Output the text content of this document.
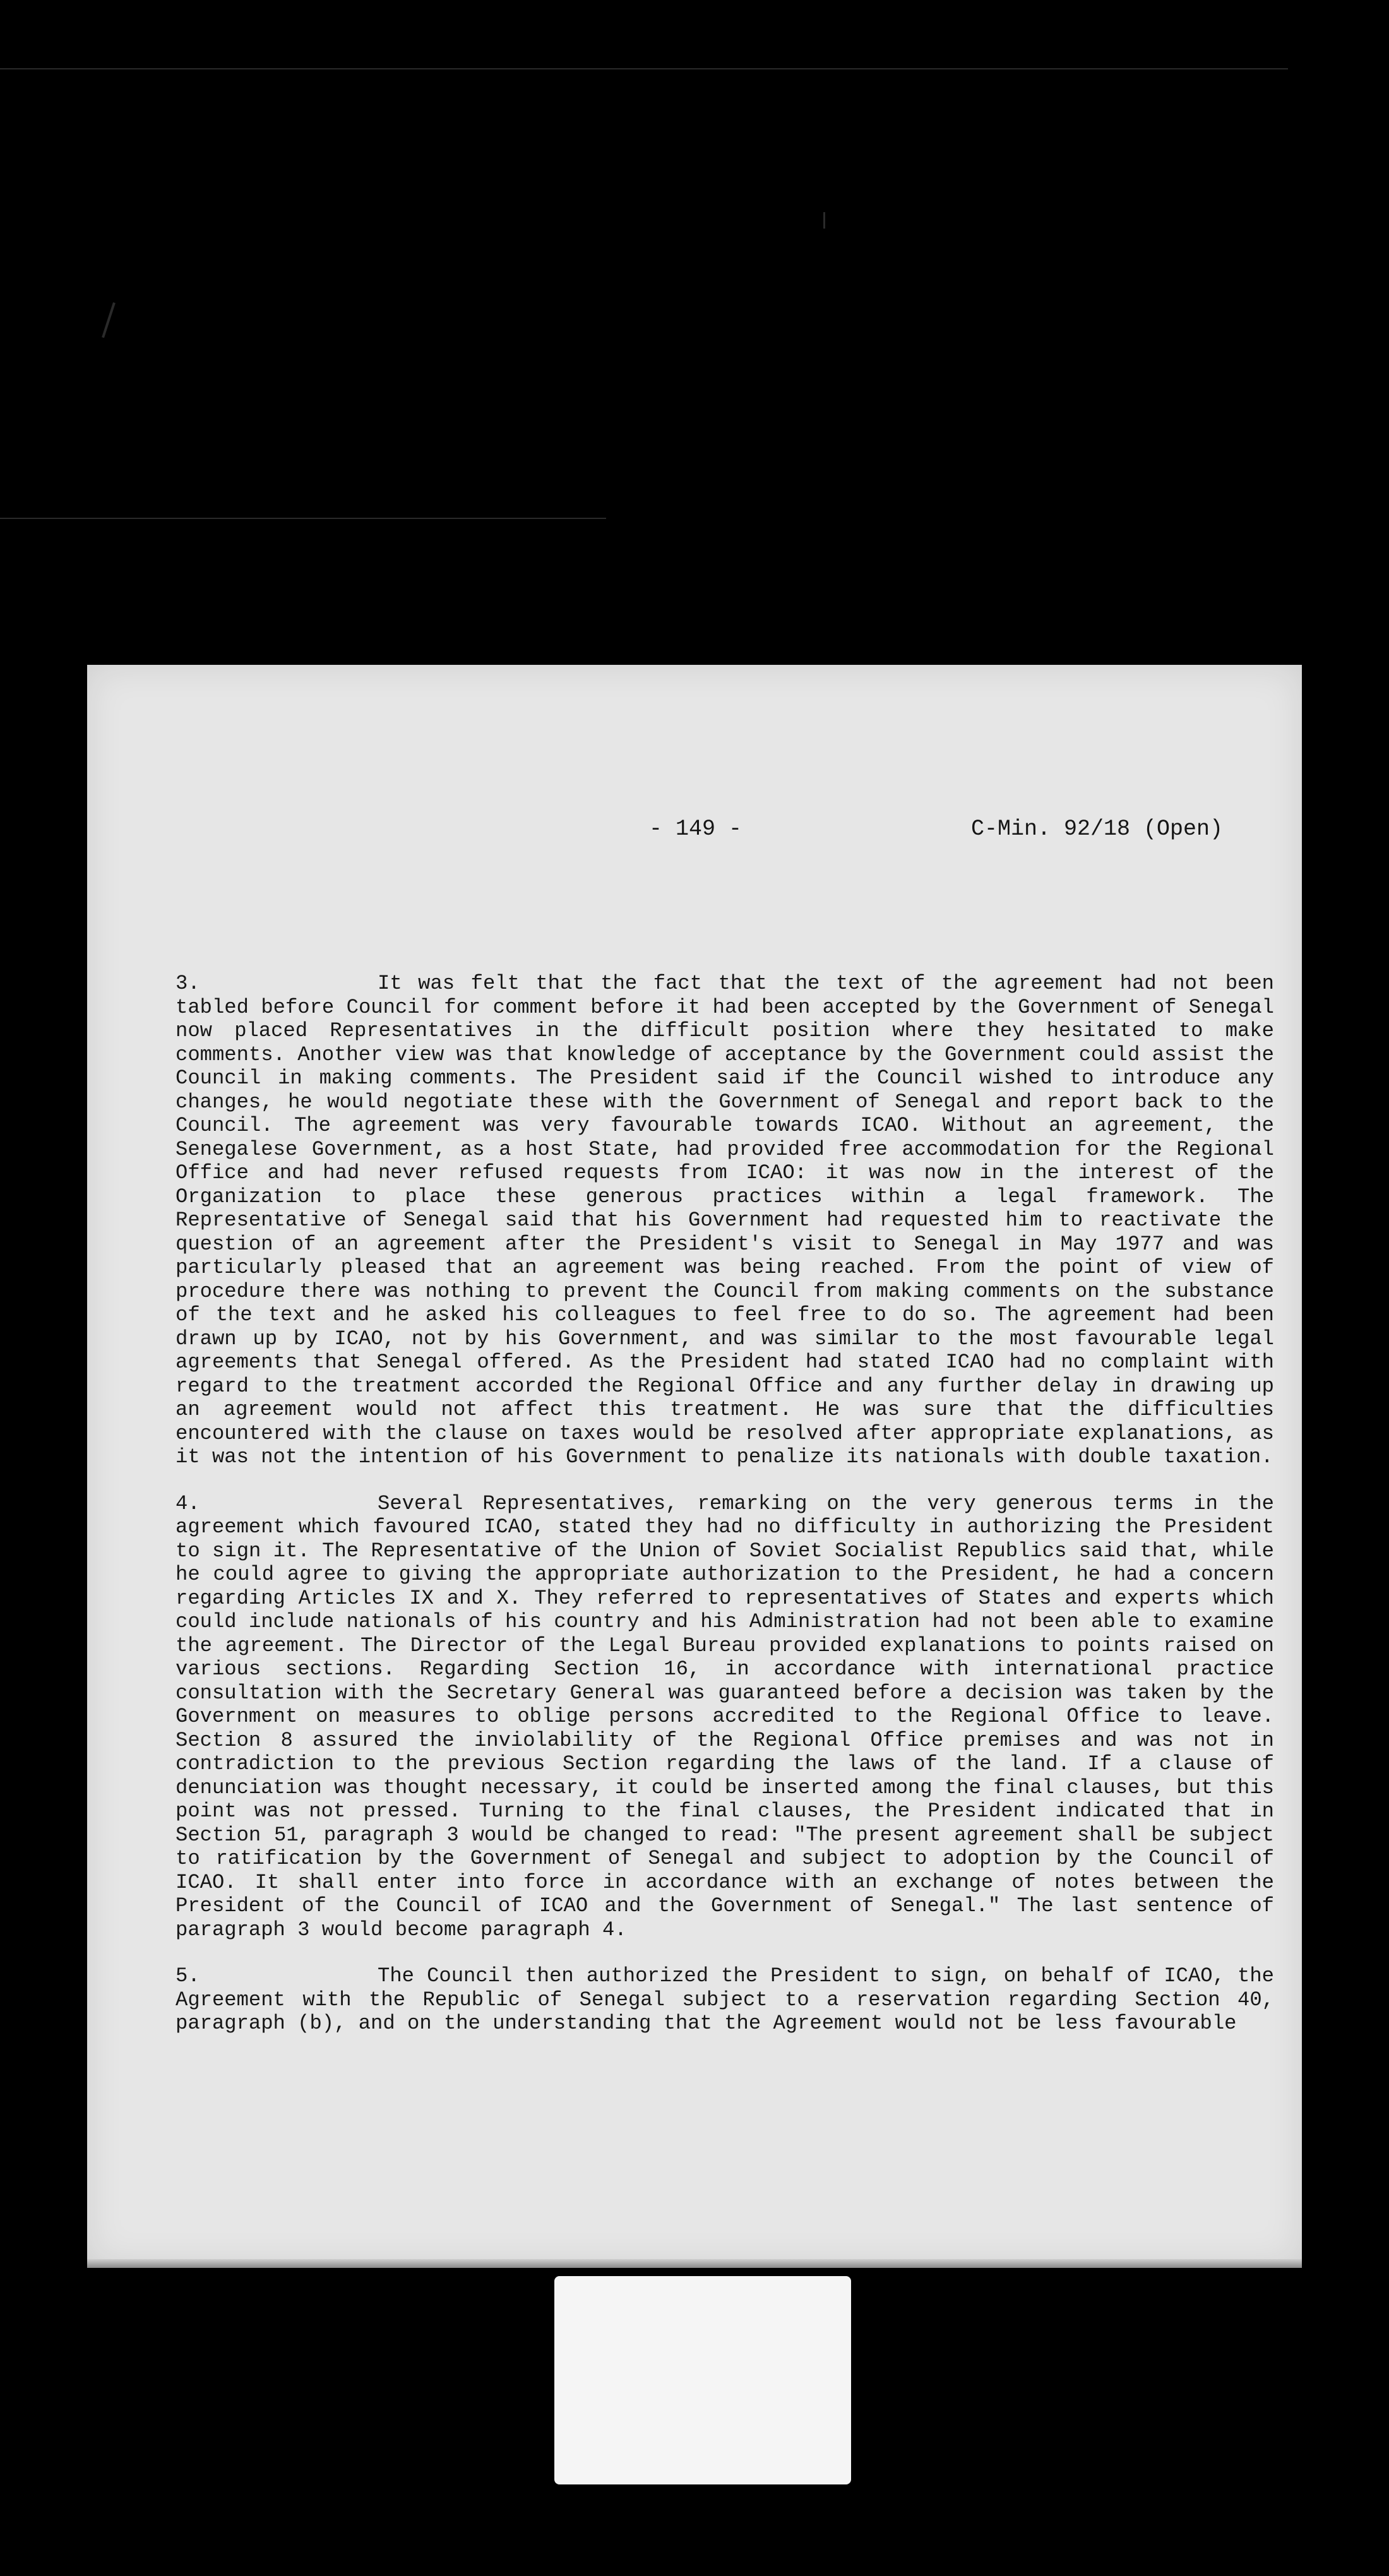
- 149 -	C-Min. 92/18 (Open)

3.	It was felt that the fact that the text of the agreement had not been tabled before Council for comment before it had been accepted by the Government of Senegal now placed Representatives in the difficult position where they hesitated to make comments. Another view was that knowledge of acceptance by the Government could assist the Council in making comments. The President said if the Council wished to introduce any changes, he would negotiate these with the Government of Senegal and report back to the Council. The agreement was very favourable towards ICAO. Without an agreement, the Senegalese Government, as a host State, had provided free accommodation for the Regional Office and had never refused requests from ICAO: it was now in the interest of the Organization to place these generous practices within a legal framework. The Representative of Senegal said that his Government had requested him to reactivate the question of an agreement after the President's visit to Senegal in May 1977 and was particularly pleased that an agreement was being reached. From the point of view of procedure there was nothing to prevent the Council from making comments on the substance of the text and he asked his colleagues to feel free to do so. The agreement had been drawn up by ICAO, not by his Government, and was similar to the most favourable legal agreements that Senegal offered. As the President had stated ICAO had no complaint with regard to the treatment accorded the Regional Office and any further delay in drawing up an agreement would not affect this treatment. He was sure that the difficulties encountered with the clause on taxes would be resolved after appropriate explanations, as it was not the intention of his Government to penalize its nationals with double taxation.

4.	Several Representatives, remarking on the very generous terms in the agreement which favoured ICAO, stated they had no difficulty in authorizing the President to sign it. The Representative of the Union of Soviet Socialist Republics said that, while he could agree to giving the appropriate authorization to the President, he had a concern regarding Articles IX and X. They referred to representatives of States and experts which could include nationals of his country and his Administration had not been able to examine the agreement. The Director of the Legal Bureau provided explanations to points raised on various sections. Regarding Section 16, in accordance with international practice consultation with the Secretary General was guaranteed before a decision was taken by the Government on measures to oblige persons accredited to the Regional Office to leave. Section 8 assured the inviolability of the Regional Office premises and was not in contradiction to the previous Section regarding the laws of the land. If a clause of denunciation was thought necessary, it could be inserted among the final clauses, but this point was not pressed. Turning to the final clauses, the President indicated that in Section 51, paragraph 3 would be changed to read: "The present agreement shall be subject to ratification by the Government of Senegal and subject to adoption by the Council of ICAO. It shall enter into force in accordance with an exchange of notes between the President of the Council of ICAO and the Government of Senegal." The last sentence of paragraph 3 would become paragraph 4.

5.	The Council then authorized the President to sign, on behalf of ICAO, the Agreement with the Republic of Senegal subject to a reservation regarding Section 40, paragraph (b), and on the understanding that the Agreement would not be less favourable
